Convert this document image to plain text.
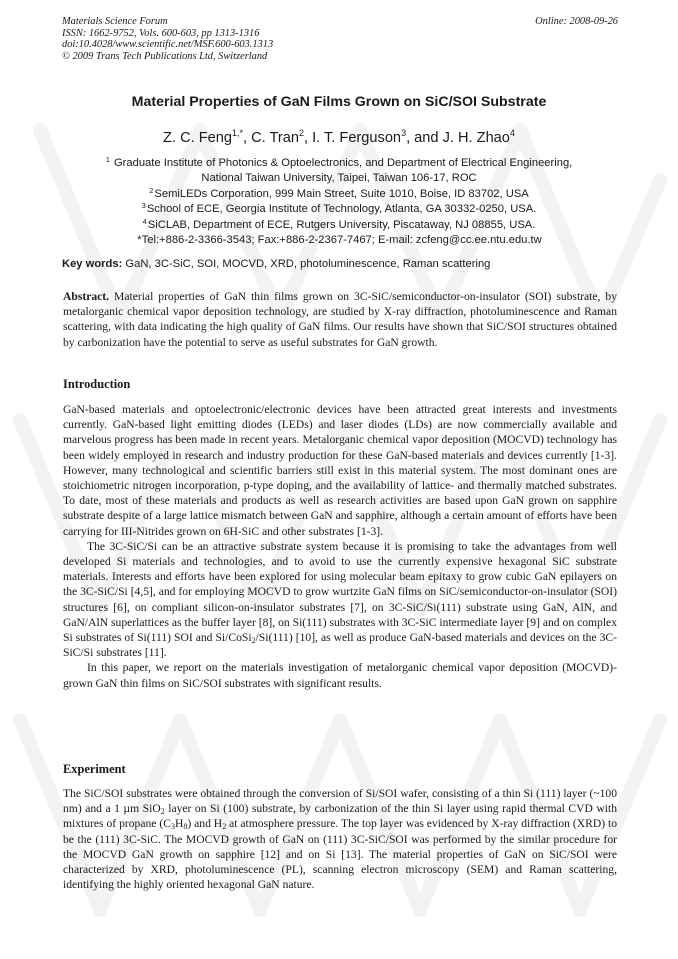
Materials Science Forum
ISSN: 1662-9752, Vols. 600-603, pp 1313-1316
doi:10.4028/www.scientific.net/MSF.600-603.1313
© 2009 Trans Tech Publications Ltd, Switzerland
Online: 2008-09-26
Material Properties of GaN Films Grown on SiC/SOI Substrate
Z. C. Feng$^{1,*}$, C. Tran$^2$, I. T. Ferguson$^3$, and J. H. Zhao$^4$
$^1$ Graduate Institute of Photonics & Optoelectronics, and Department of Electrical Engineering,
National Taiwan University, Taipei, Taiwan 106-17, ROC
$^2$SemiLEDs Corporation, 999 Main Street, Suite 1010, Boise, ID 83702, USA
$^3$School of ECE, Georgia Institute of Technology, Atlanta, GA 30332-0250, USA.
$^4$SiCLAB, Department of ECE, Rutgers University, Piscataway, NJ 08855, USA.
*Tel:+886-2-3366-3543; Fax:+886-2-2367-7467; E-mail: zcfeng@cc.ee.ntu.edu.tw
Key words: GaN, 3C-SiC, SOI, MOCVD, XRD, photoluminescence, Raman scattering

Abstract. Material properties of GaN thin films grown on 3C-SiC/semiconductor-on-insulator (SOI) substrate, by metalorganic chemical vapor deposition technology, are studied by X-ray diffraction, photoluminescence and Raman scattering, with data indicating the high quality of GaN films. Our results have shown that SiC/SOI structures obtained by carbonization have the potential to serve as useful substrates for GaN growth.

Introduction

GaN-based materials and optoelectronic/electronic devices have been attracted great interests and investments currently. GaN-based light emitting diodes (LEDs) and laser diodes (LDs) are now commercially available and marvelous progress has been made in recent years. Metalorganic chemical vapor deposition (MOCVD) technology has been widely employed in research and industry production for these GaN-based materials and devices currently [1-3]. However, many technological and scientific barriers still exist in this material system. The most dominant ones are stoichiometric nitrogen incorporation, p-type doping, and the availability of lattice- and thermally matched substrates. To date, most of these materials and products as well as research activities are based upon GaN grown on sapphire substrate despite of a large lattice mismatch between GaN and sapphire, although a certain amount of efforts have been carrying for III-Nitrides grown on 6H-SiC and other substrates [1-3].

The 3C-SiC/Si can be an attractive substrate system because it is promising to take the advantages from well developed Si materials and technologies, and to avoid to use the currently expensive hexagonal SiC substrate materials. Interests and efforts have been explored for using molecular beam epitaxy to grow cubic GaN epilayers on the 3C-SiC/Si [4,5], and for employing MOCVD to grow wurtzite GaN films on SiC/semiconductor-on-insulator (SOI) structures [6], on compliant silicon-on-insulator substrates [7], on 3C-SiC/Si(111) substrate using GaN, AlN, and GaN/AlN superlattices as the buffer layer [8], on Si(111) substrates with 3C-SiC intermediate layer [9] and on complex Si substrates of Si(111) SOI and Si/CoSi$_2$/Si(111) [10], as well as produce GaN-based materials and devices on the 3C-SiC/Si substrates [11].

In this paper, we report on the materials investigation of metalorganic chemical vapor deposition (MOCVD)-grown GaN thin films on SiC/SOI substrates with significant results.

Experiment

The SiC/SOI substrates were obtained through the conversion of Si/SOI wafer, consisting of a thin Si (111) layer (~100 nm) and a 1 µm SiO$_2$ layer on Si (100) substrate, by carbonization of the thin Si layer using rapid thermal CVD with mixtures of propane $(C_3H_8)$ and $H_2$ at atmosphere pressure. The top layer was evidenced by X-ray diffraction (XRD) to be the (111) 3C-SiC. The MOCVD growth of GaN on (111) 3C-SiC/SOI was performed by the similar procedure for the MOCVD GaN growth on sapphire [12] and on Si [13]. The material properties of GaN on SiC/SOI were characterized by XRD, photoluminescence (PL), scanning electron microscopy (SEM) and Raman scattering, identifying the highly oriented hexagonal GaN nature.
